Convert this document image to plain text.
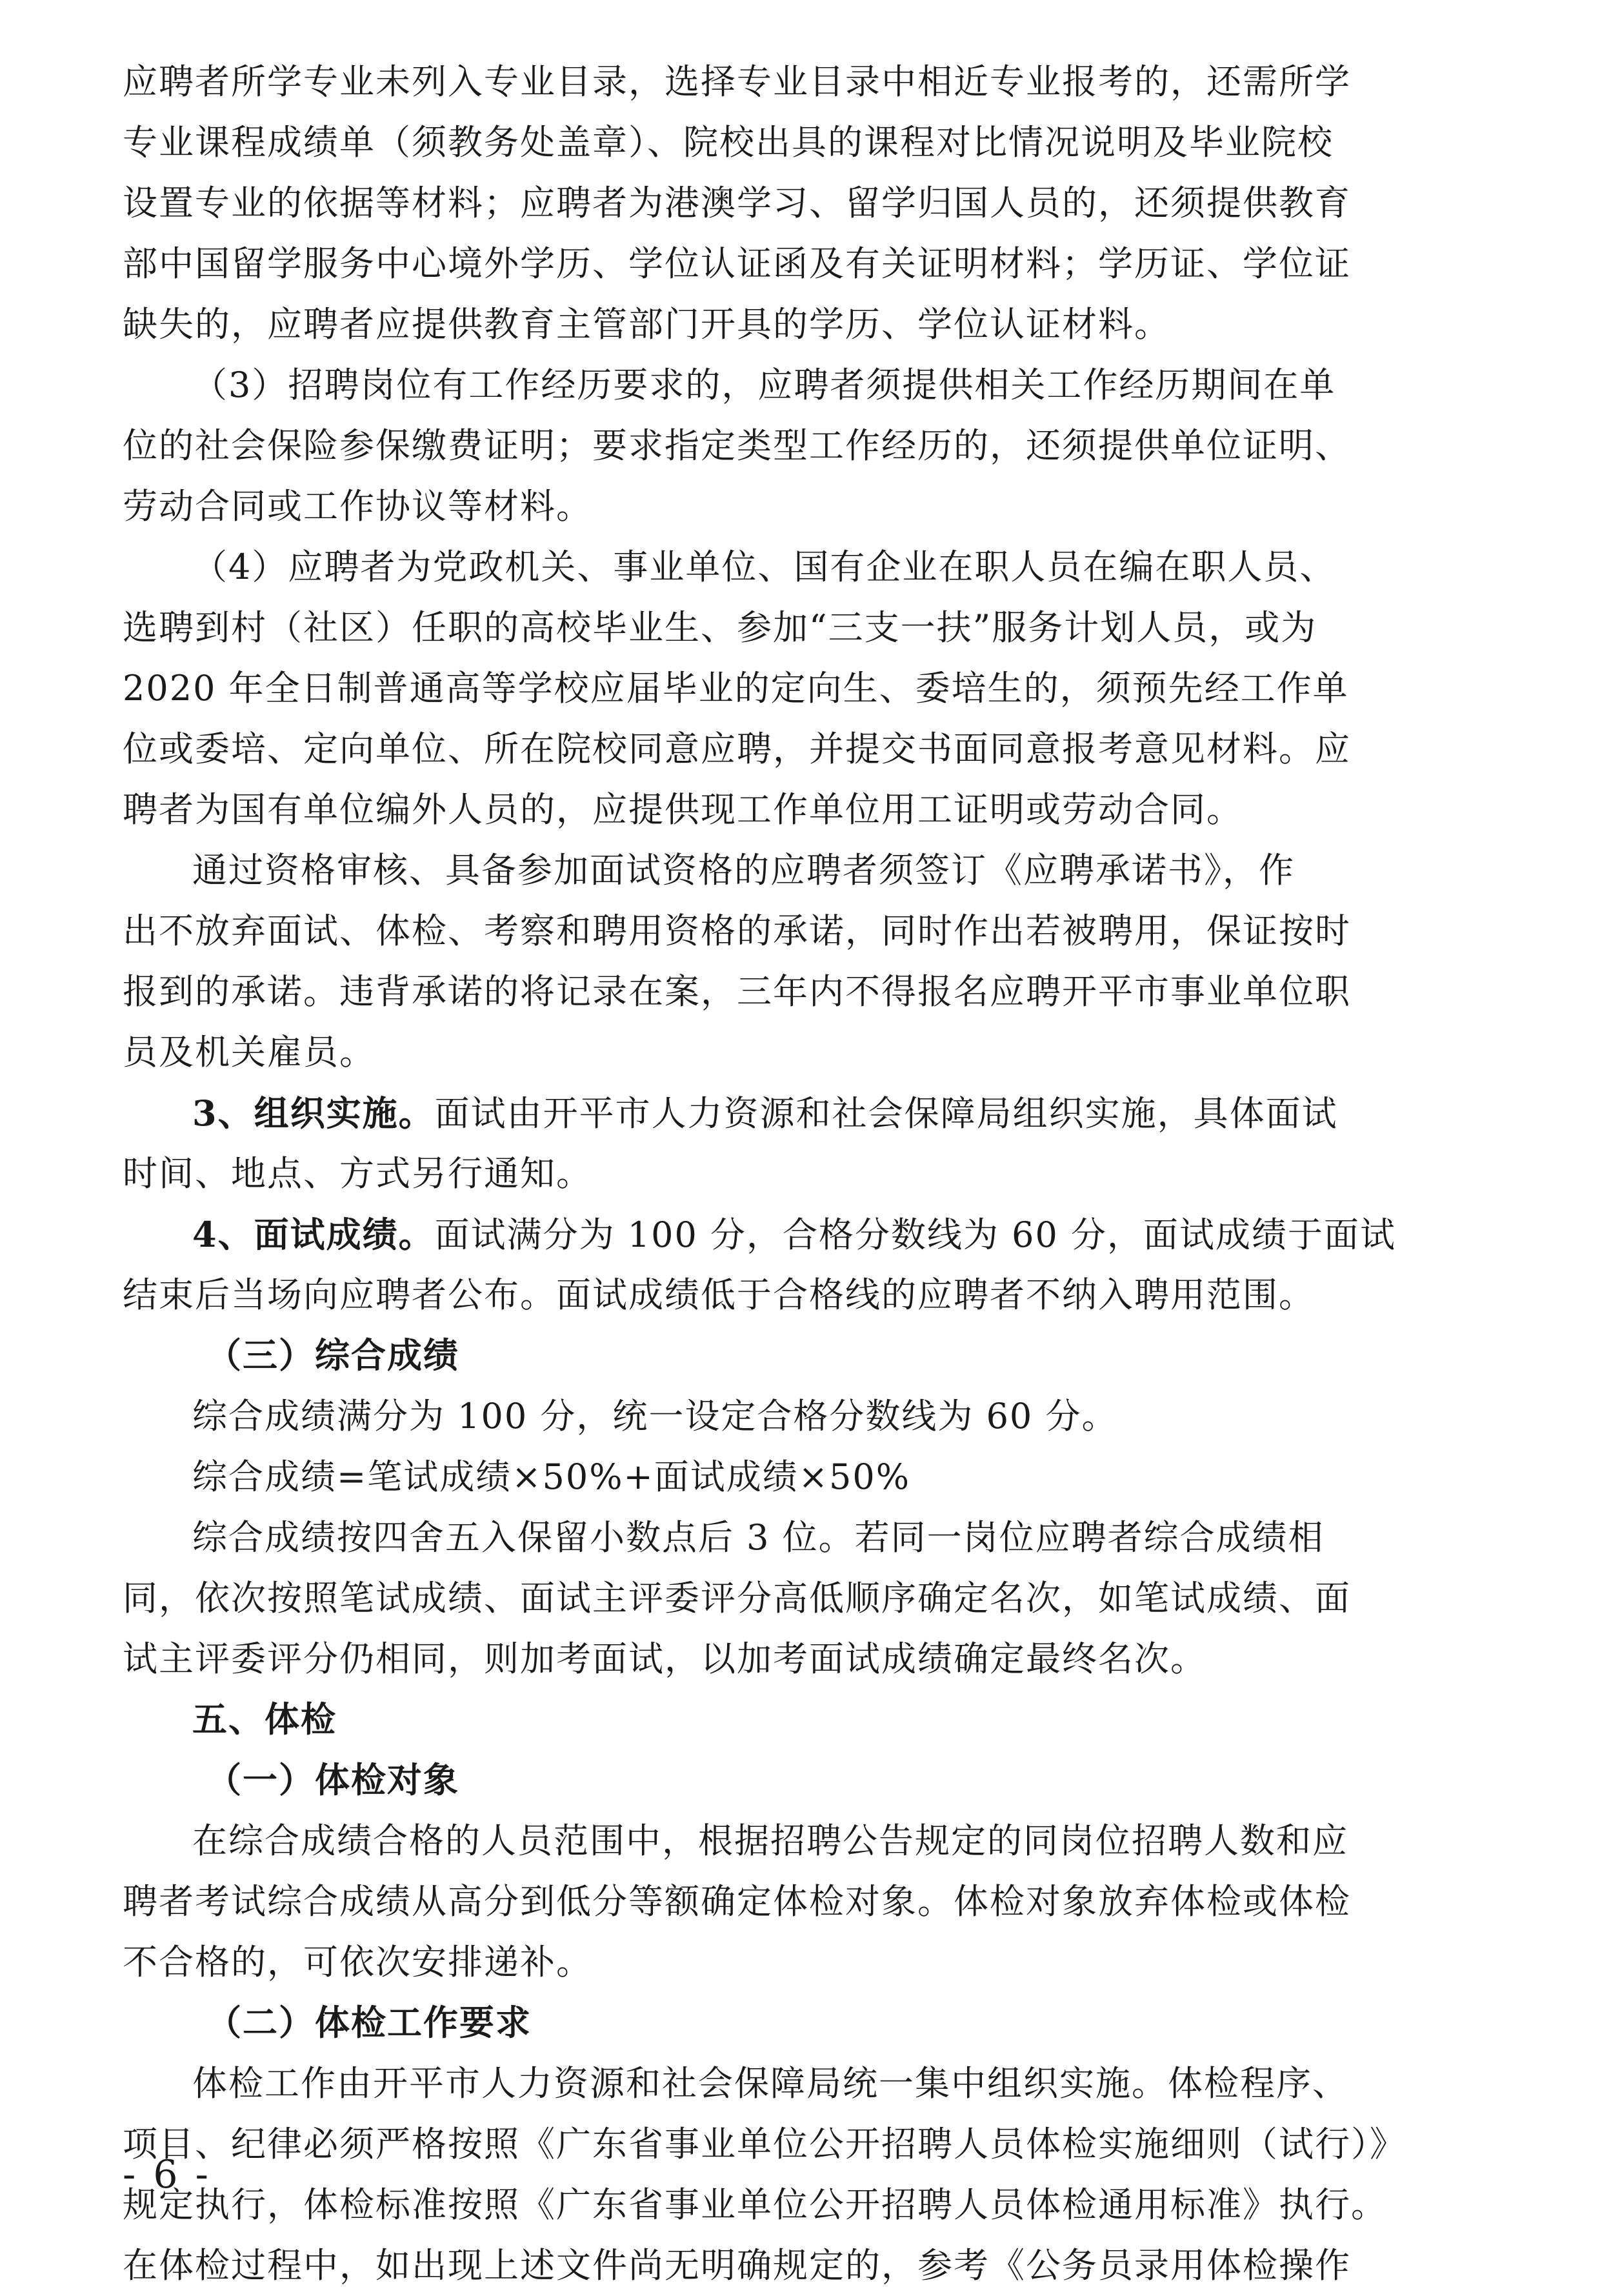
应聘者所学专业未列入专业目录，选择专业目录中相近专业报考的，还需所学
专业课程成绩单（须教务处盖章）、院校出具的课程对比情况说明及毕业院校
设置专业的依据等材料；应聘者为港澳学习、留学归国人员的，还须提供教育
部中国留学服务中心境外学历、学位认证函及有关证明材料；学历证、学位证
缺失的，应聘者应提供教育主管部门开具的学历、学位认证材料。
（3）招聘岗位有工作经历要求的，应聘者须提供相关工作经历期间在单
位的社会保险参保缴费证明；要求指定类型工作经历的，还须提供单位证明、
劳动合同或工作协议等材料。
（4）应聘者为党政机关、事业单位、国有企业在职人员在编在职人员、
选聘到村（社区）任职的高校毕业生、参加“三支一扶”服务计划人员，或为
2020 年全日制普通高等学校应届毕业的定向生、委培生的，须预先经工作单
位或委培、定向单位、所在院校同意应聘，并提交书面同意报考意见材料。应
聘者为国有单位编外人员的，应提供现工作单位用工证明或劳动合同。
通过资格审核、具备参加面试资格的应聘者须签订《应聘承诺书》，作
出不放弃面试、体检、考察和聘用资格的承诺，同时作出若被聘用，保证按时
报到的承诺。违背承诺的将记录在案，三年内不得报名应聘开平市事业单位职
员及机关雇员。
3、组织实施。面试由开平市人力资源和社会保障局组织实施，具体面试
时间、地点、方式另行通知。
4、面试成绩。面试满分为 100 分，合格分数线为 60 分，面试成绩于面试
结束后当场向应聘者公布。面试成绩低于合格线的应聘者不纳入聘用范围。
（三）综合成绩
综合成绩满分为 100 分，统一设定合格分数线为 60 分。
综合成绩=笔试成绩×50%+面试成绩×50%
综合成绩按四舍五入保留小数点后 3 位。若同一岗位应聘者综合成绩相
同，依次按照笔试成绩、面试主评委评分高低顺序确定名次，如笔试成绩、面
试主评委评分仍相同，则加考面试，以加考面试成绩确定最终名次。
五、体检
（一）体检对象
在综合成绩合格的人员范围中，根据招聘公告规定的同岗位招聘人数和应
聘者考试综合成绩从高分到低分等额确定体检对象。体检对象放弃体检或体检
不合格的，可依次安排递补。
（二）体检工作要求
体检工作由开平市人力资源和社会保障局统一集中组织实施。体检程序、
项目、纪律必须严格按照《广东省事业单位公开招聘人员体检实施细则（试行）》
规定执行，体检标准按照《广东省事业单位公开招聘人员体检通用标准》执行。
在体检过程中，如出现上述文件尚无明确规定的，参考《公务员录用体检操作
- 6 -
